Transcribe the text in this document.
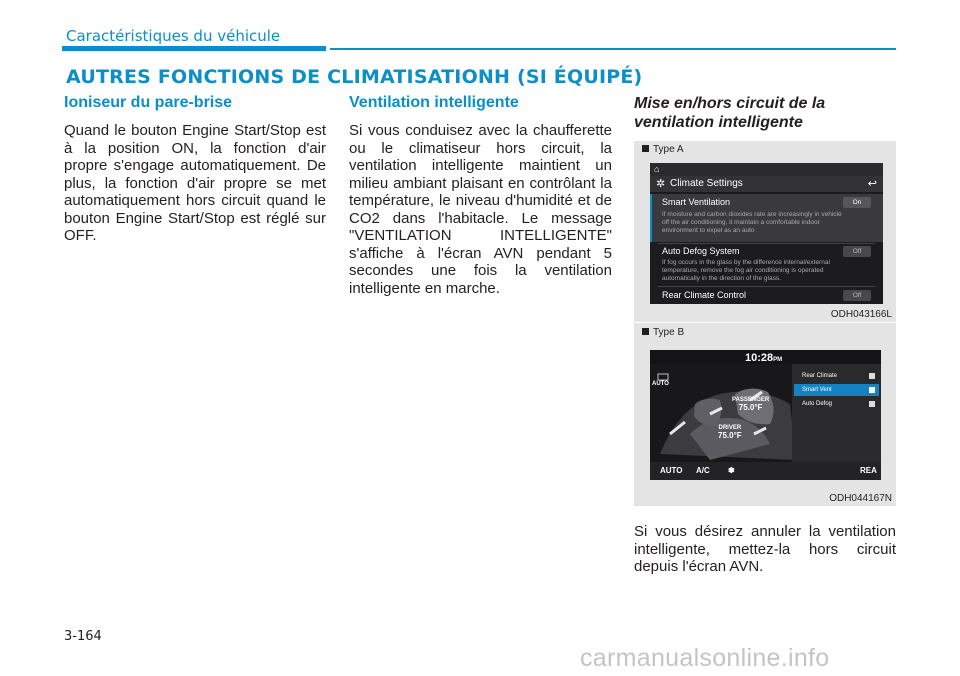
Caractéristiques du véhicule
AUTRES FONCTIONS DE CLIMATISATIONH (SI ÉQUIPÉ)
Ioniseur du pare-brise

Quand le bouton Engine Start/Stop est à la position ON, la fonction d'air propre s'engage automatiquement. De plus, la fonction d'air propre se met automatiquement hors circuit quand le bouton Engine Start/Stop est réglé sur OFF.

Ventilation intelligente

Si vous conduisez avec la chaufferette ou le climatiseur hors circuit, la ventilation intelligente maintient un milieu ambiant plaisant en contrôlant la température, le niveau d'humidité et de CO2 dans l'habitacle. Le message "VENTILATION INTELLIGENTE" s'affiche à l'écran AVN pendant 5 secondes une fois la ventilation intelligente en marche.

Mise en/hors circuit de la ventilation intelligente
Type A
⌂
✲ Climate Settings	↩
Smart Ventilation	On
If moisture and carbon dioxides rate are increasingly in vehicle off the air conditioning, it maintain a comfortable indoor environment to expel as an auto
Auto Defog System	Off
If fog occurs in the glass by the difference internal/external temperature, remove the fog air conditioning is operated automatically in the direction of the glass.
Rear Climate Control	Off
ODH043166L
Type B
10:28PM
AUTO
PASSENGER
75.0°F
DRIVER
75.0°F
Rear Climate
Smart Vent
Auto Defog
AUTO A/C ✽	REA
ODH044167N

Si vous désirez annuler la ventilation intelligente, mettez-la hors circuit depuis l'écran AVN.

3-164
carmanualsonline.info
